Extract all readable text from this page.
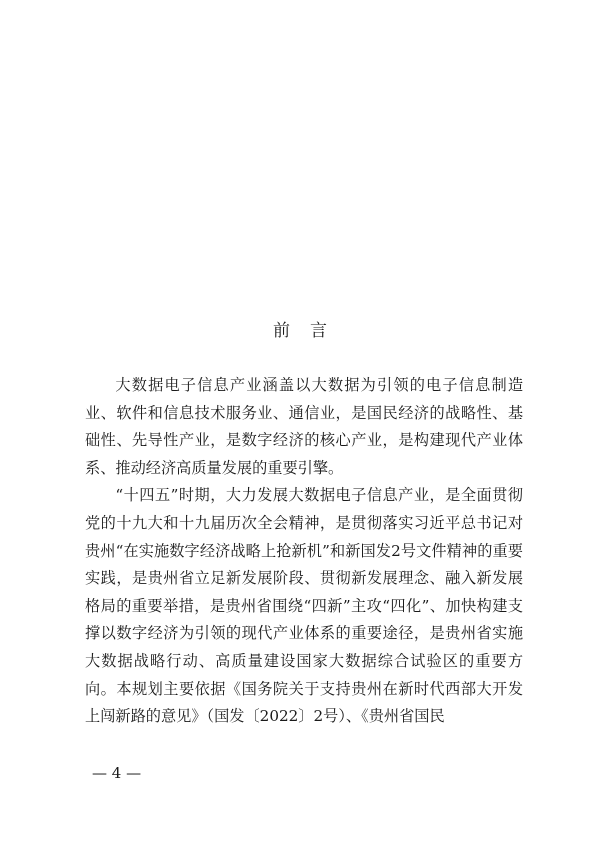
前言

大数据电子信息产业涵盖以大数据为引领的电子信息制造业、软件和信息技术服务业、通信业，是国民经济的战略性、基础性、先导性产业，是数字经济的核心产业，是构建现代产业体系、推动经济高质量发展的重要引擎。

“十四五”时期，大力发展大数据电子信息产业，是全面贯彻党的十九大和十九届历次全会精神，是贯彻落实习近平总书记对贵州“在实施数字经济战略上抢新机”和新国发2号文件精神的重要实践，是贵州省立足新发展阶段、贯彻新发展理念、融入新发展格局的重要举措，是贵州省围绕“四新”主攻“四化”、加快构建支撑以数字经济为引领的现代产业体系的重要途径，是贵州省实施大数据战略行动、高质量建设国家大数据综合试验区的重要方向。本规划主要依据《国务院关于支持贵州在新时代西部大开发上闯新路的意见》（国发〔2022〕2号）、《贵州省国民

— 4 —
